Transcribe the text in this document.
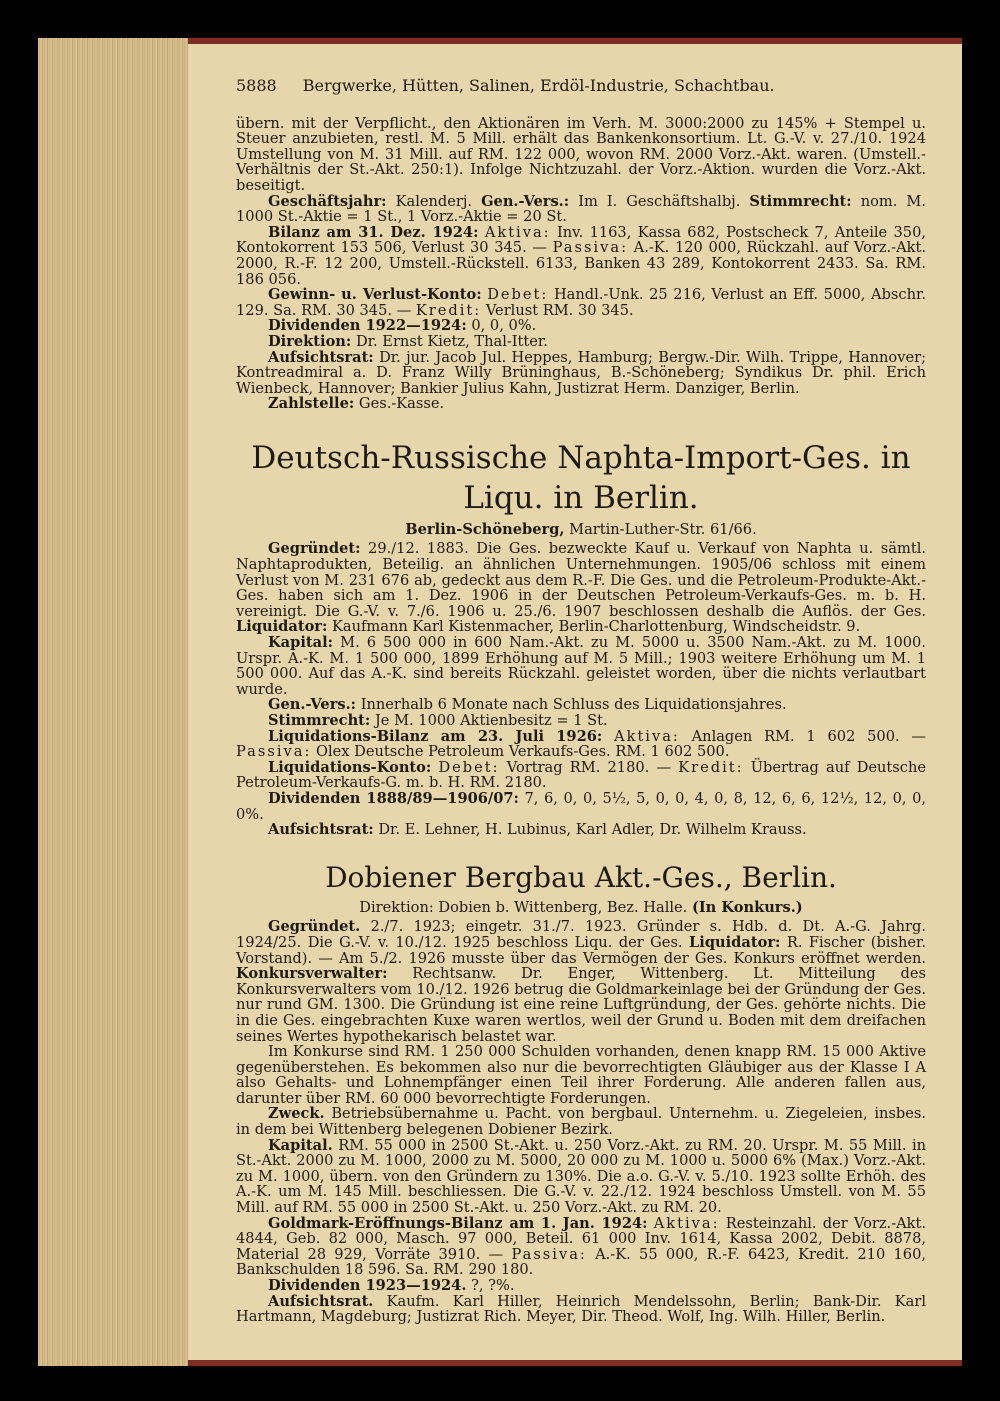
5888 Bergwerke, Hütten, Salinen, Erdöl-Industrie, Schachtbau.

übern. mit der Verpflicht., den Aktionären im Verh. M. 3000:2000 zu 145% + Stempel u. Steuer anzubieten, restl. M. 5 Mill. erhält das Bankenkonsortium. Lt. G.-V. v. 27./10. 1924 Umstellung von M. 31 Mill. auf RM. 122 000, wovon RM. 2000 Vorz.-Akt. waren. (Umstell.-Verhältnis der St.-Akt. 250:1). Infolge Nichtzuzahl. der Vorz.-Aktion. wurden die Vorz.-Akt. beseitigt.

Geschäftsjahr: Kalenderj. Gen.-Vers.: Im I. Geschäftshalbj. Stimmrecht: nom. M. 1000 St.-Aktie = 1 St., 1 Vorz.-Aktie = 20 St.

Bilanz am 31. Dez. 1924: Aktiva: Inv. 1163, Kassa 682, Postscheck 7, Anteile 350, Kontokorrent 153 506, Verlust 30 345. — Passiva: A.-K. 120 000, Rückzahl. auf Vorz.-Akt. 2000, R.-F. 12 200, Umstell.-Rückstell. 6133, Banken 43 289, Kontokorrent 2433. Sa. RM. 186 056.

Gewinn- u. Verlust-Konto: Debet: Handl.-Unk. 25 216, Verlust an Eff. 5000, Abschr. 129. Sa. RM. 30 345. — Kredit: Verlust RM. 30 345.

Dividenden 1922—1924: 0, 0, 0%.

Direktion: Dr. Ernst Kietz, Thal-Itter.

Aufsichtsrat: Dr. jur. Jacob Jul. Heppes, Hamburg; Bergw.-Dir. Wilh. Trippe, Hannover; Kontreadmiral a. D. Franz Willy Brüninghaus, B.-Schöneberg; Syndikus Dr. phil. Erich Wienbeck, Hannover; Bankier Julius Kahn, Justizrat Herm. Danziger, Berlin.

Zahlstelle: Ges.-Kasse.

Deutsch-Russische Naphta-Import-Ges. in Liqu. in Berlin.
Berlin-Schöneberg, Martin-Luther-Str. 61/66.

Gegründet: 29./12. 1883. Die Ges. bezweckte Kauf u. Verkauf von Naphta u. sämtl. Naphtaprodukten, Beteilig. an ähnlichen Unternehmungen. 1905/06 schloss mit einem Verlust von M. 231 676 ab, gedeckt aus dem R.-F. Die Ges. und die Petroleum-Produkte-Akt.-Ges. haben sich am 1. Dez. 1906 in der Deutschen Petroleum-Verkaufs-Ges. m. b. H. vereinigt. Die G.-V. v. 7./6. 1906 u. 25./6. 1907 beschlossen deshalb die Auflös. der Ges. Liquidator: Kaufmann Karl Kistenmacher, Berlin-Charlottenburg, Windscheidstr. 9.

Kapital: M. 6 500 000 in 600 Nam.-Akt. zu M. 5000 u. 3500 Nam.-Akt. zu M. 1000. Urspr. A.-K. M. 1 500 000, 1899 Erhöhung auf M. 5 Mill.; 1903 weitere Erhöhung um M. 1 500 000. Auf das A.-K. sind bereits Rückzahl. geleistet worden, über die nichts verlautbart wurde.

Gen.-Vers.: Innerhalb 6 Monate nach Schluss des Liquidationsjahres.

Stimmrecht: Je M. 1000 Aktienbesitz = 1 St.

Liquidations-Bilanz am 23. Juli 1926: Aktiva: Anlagen RM. 1 602 500. — Passiva: Olex Deutsche Petroleum Verkaufs-Ges. RM. 1 602 500.

Liquidations-Konto: Debet: Vortrag RM. 2180. — Kredit: Übertrag auf Deutsche Petroleum-Verkaufs-G. m. b. H. RM. 2180.

Dividenden 1888/89—1906/07: 7, 6, 0, 0, 5½, 5, 0, 0, 4, 0, 8, 12, 6, 6, 12½, 12, 0, 0, 0%.

Aufsichtsrat: Dr. E. Lehner, H. Lubinus, Karl Adler, Dr. Wilhelm Krauss.

Dobiener Bergbau Akt.-Ges., Berlin.
Direktion: Dobien b. Wittenberg, Bez. Halle. (In Konkurs.)

Gegründet. 2./7. 1923; eingetr. 31./7. 1923. Gründer s. Hdb. d. Dt. A.-G. Jahrg. 1924/25. Die G.-V. v. 10./12. 1925 beschloss Liqu. der Ges. Liquidator: R. Fischer (bisher. Vorstand). — Am 5./2. 1926 musste über das Vermögen der Ges. Konkurs eröffnet werden. Konkursverwalter: Rechtsanw. Dr. Enger, Wittenberg. Lt. Mitteilung des Konkursverwalters vom 10./12. 1926 betrug die Goldmarkeinlage bei der Gründung der Ges. nur rund GM. 1300. Die Gründung ist eine reine Luftgründung, der Ges. gehörte nichts. Die in die Ges. eingebrachten Kuxe waren wertlos, weil der Grund u. Boden mit dem dreifachen seines Wertes hypothekarisch belastet war.

Im Konkurse sind RM. 1 250 000 Schulden vorhanden, denen knapp RM. 15 000 Aktive gegenüberstehen. Es bekommen also nur die bevorrechtigten Gläubiger aus der Klasse I A also Gehalts- und Lohnempfänger einen Teil ihrer Forderung. Alle anderen fallen aus, darunter über RM. 60 000 bevorrechtigte Forderungen.

Zweck. Betriebsübernahme u. Pacht. von bergbaul. Unternehm. u. Ziegeleien, insbes. in dem bei Wittenberg belegenen Dobiener Bezirk.

Kapital. RM. 55 000 in 2500 St.-Akt. u. 250 Vorz.-Akt. zu RM. 20. Urspr. M. 55 Mill. in St.-Akt. 2000 zu M. 1000, 2000 zu M. 5000, 20 000 zu M. 1000 u. 5000 6% (Max.) Vorz.-Akt. zu M. 1000, übern. von den Gründern zu 130%. Die a.o. G.-V. v. 5./10. 1923 sollte Erhöh. des A.-K. um M. 145 Mill. beschliessen. Die G.-V. v. 22./12. 1924 beschloss Umstell. von M. 55 Mill. auf RM. 55 000 in 2500 St.-Akt. u. 250 Vorz.-Akt. zu RM. 20.

Goldmark-Eröffnungs-Bilanz am 1. Jan. 1924: Aktiva: Resteinzahl. der Vorz.-Akt. 4844, Geb. 82 000, Masch. 97 000, Beteil. 61 000 Inv. 1614, Kassa 2002, Debit. 8878, Material 28 929, Vorräte 3910. — Passiva: A.-K. 55 000, R.-F. 6423, Kredit. 210 160, Bankschulden 18 596. Sa. RM. 290 180.

Dividenden 1923—1924. ?, ?%.

Aufsichtsrat. Kaufm. Karl Hiller, Heinrich Mendelssohn, Berlin; Bank-Dir. Karl Hartmann, Magdeburg; Justizrat Rich. Meyer, Dir. Theod. Wolf, Ing. Wilh. Hiller, Berlin.
